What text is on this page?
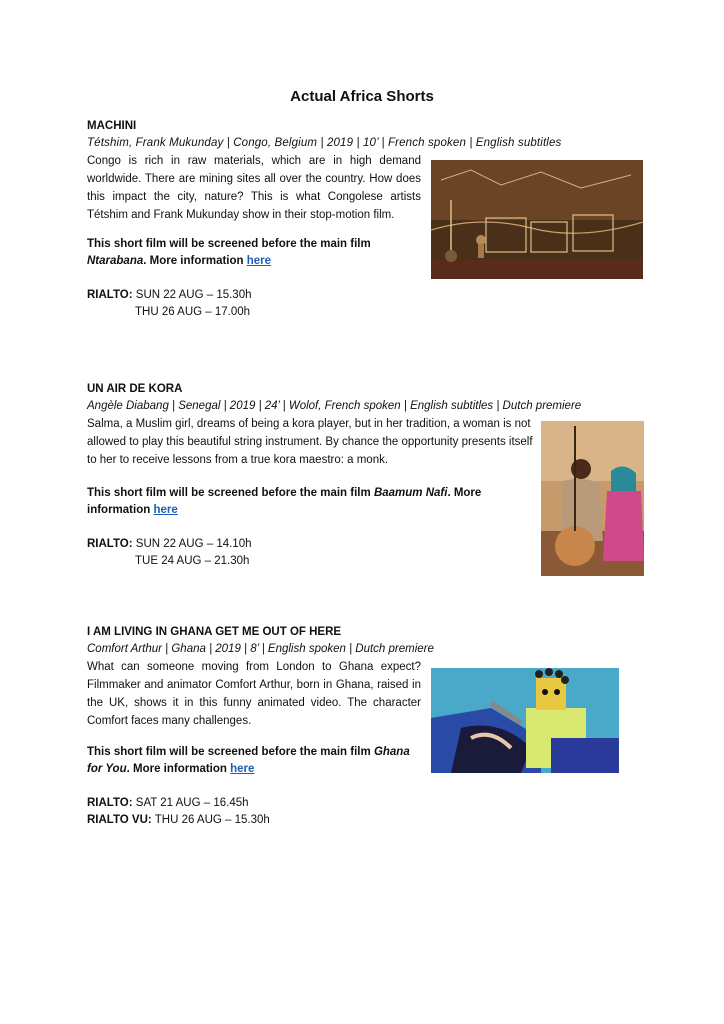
Actual Africa Shorts
MACHINI
Tétshim, Frank Mukunday | Congo, Belgium | 2019 | 10’ | French spoken | English subtitles

Congo is rich in raw materials, which are in high demand worldwide. There are mining sites all over the country. How does this impact the city, nature? This is what Congolese artists Tétshim and Frank Mukunday show in their stop-motion film.

This short film will be screened before the main film
Ntarabana. More information here
RIALTO: SUN 22 AUG – 15.30h
THU 26 AUG – 17.00h
UN AIR DE KORA
Angèle Diabang | Senegal | 2019 | 24’ | Wolof, French spoken | English subtitles | Dutch premiere

Salma, a Muslim girl, dreams of being a kora player, but in her tradition, a woman is not allowed to play this beautiful string instrument. By chance the opportunity presents itself to her to receive lessons from a true kora maestro: a monk.

This short film will be screened before the main film Baamum Nafi. More information here
RIALTO: SUN 22 AUG – 14.10h
TUE 24 AUG – 21.30h
I AM LIVING IN GHANA GET ME OUT OF HERE
Comfort Arthur | Ghana | 2019 | 8’ | English spoken | Dutch premiere

What can someone moving from London to Ghana expect? Filmmaker and animator Comfort Arthur, born in Ghana, raised in the UK, shows it in this funny animated video. The character Comfort faces many challenges.

This short film will be screened before the main film Ghana for You. More information here
RIALTO: SAT 21 AUG – 16.45h
RIALTO VU: THU 26 AUG – 15.30h
